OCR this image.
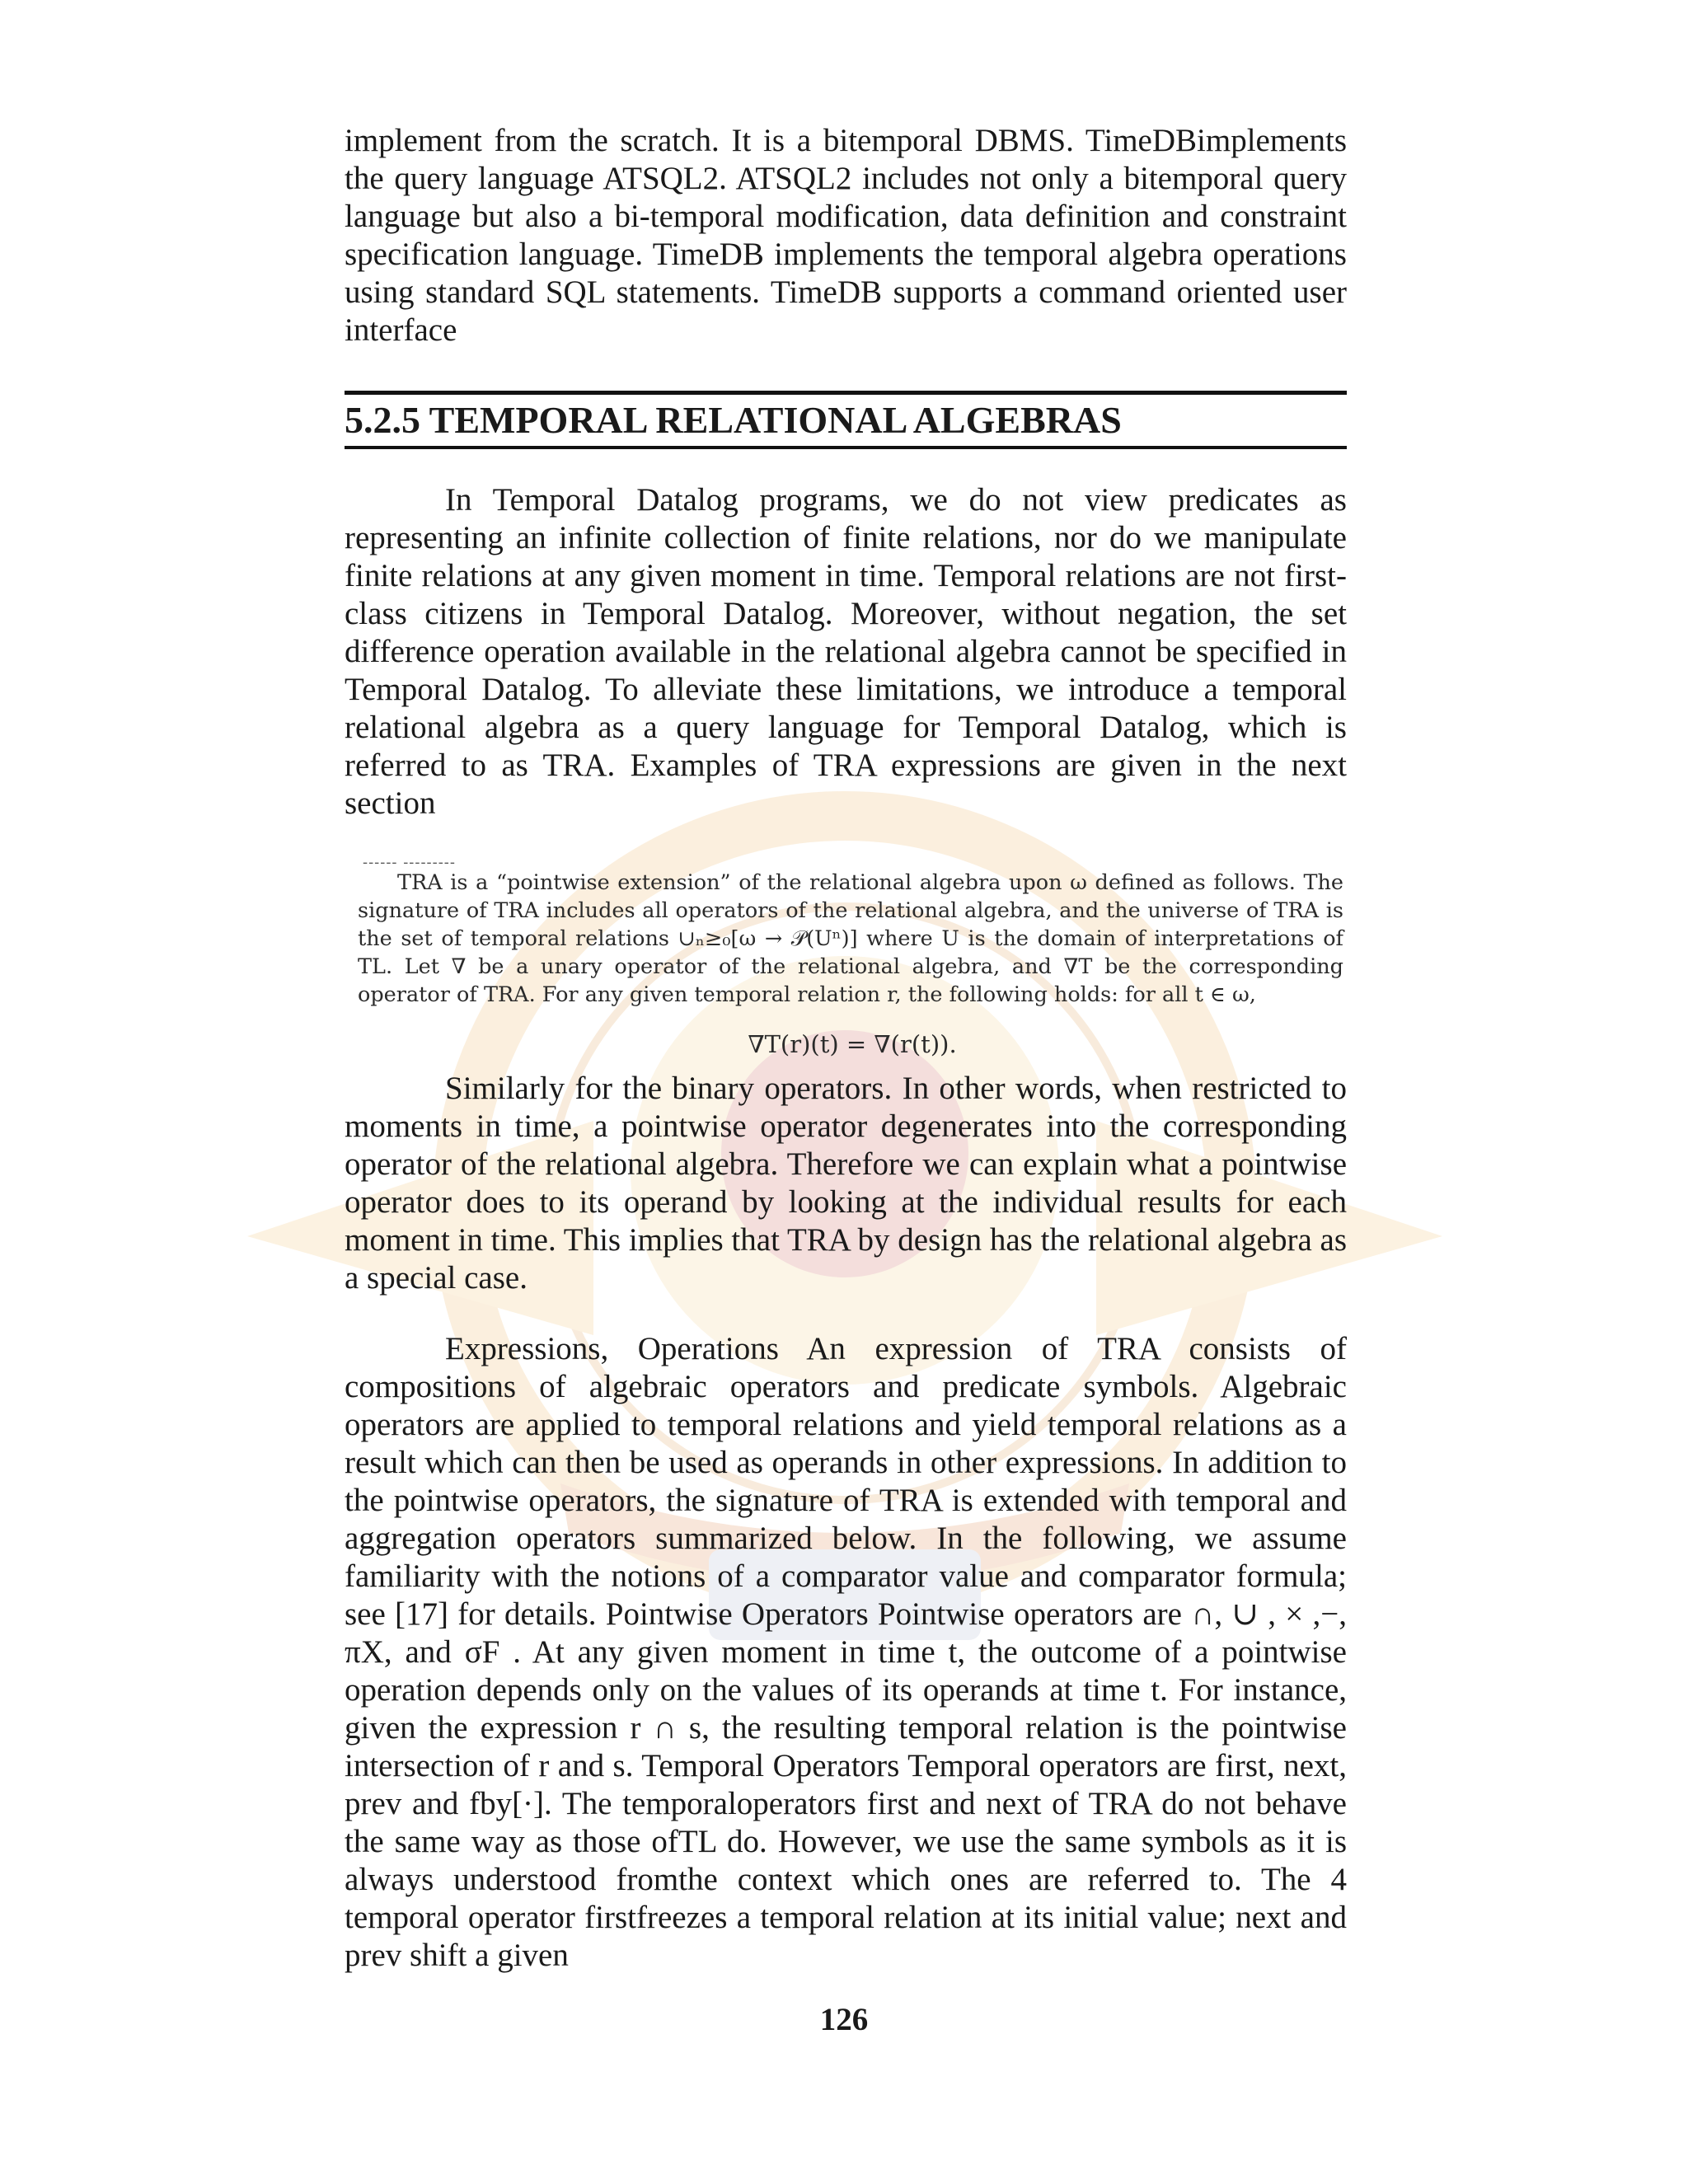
implement from the scratch. It is a bitemporal DBMS. TimeDBimplements the query language ATSQL2. ATSQL2 includes not only a bitemporal query language but also a bi-temporal modification, data definition and constraint specification language. TimeDB implements the temporal algebra operations using standard SQL statements. TimeDB supports a command oriented user interface

5.2.5 TEMPORAL RELATIONAL ALGEBRAS

In Temporal Datalog programs, we do not view predicates as representing an infinite collection of finite relations, nor do we manipulate finite relations at any given moment in time. Temporal relations are not first-class citizens in Temporal Datalog. Moreover, without negation, the set difference operation available in the relational algebra cannot be specified in Temporal Datalog. To alleviate these limitations, we introduce a temporal relational algebra as a query language for Temporal Datalog, which is referred to as TRA. Examples of TRA expressions are given in the next section

------ ---------

TRA is a “pointwise extension” of the relational algebra upon ω defined as follows. The signature of TRA includes all operators of the relational algebra, and the universe of TRA is the set of temporal relations ∪ₙ≥₀[ω → 𝒫(Uⁿ)] where U is the domain of interpretations of TL. Let ∇ be a unary operator of the relational algebra, and ∇T be the corresponding operator of TRA. For any given temporal relation r, the following holds: for all t ∈ ω,

∇T(r)(t) = ∇(r(t)).

Similarly for the binary operators. In other words, when restricted to moments in time, a pointwise operator degenerates into the corresponding operator of the relational algebra. Therefore we can explain what a pointwise operator does to its operand by looking at the individual results for each moment in time. This implies that TRA by design has the relational algebra as a special case.

Expressions, Operations An expression of TRA consists of compositions of algebraic operators and predicate symbols. Algebraic operators are applied to temporal relations and yield temporal relations as a result which can then be used as operands in other expressions. In addition to the pointwise operators, the signature of TRA is extended with temporal and aggregation operators summarized below. In the following, we assume familiarity with the notions of a comparator value and comparator formula; see [17] for details. Pointwise Operators Pointwise operators are ∩, ∪ , × ,−, πX, and σF . At any given moment in time t, the outcome of a pointwise operation depends only on the values of its operands at time t. For instance, given the expression r ∩ s, the resulting temporal relation is the pointwise intersection of r and s. Temporal Operators Temporal operators are first, next, prev and fby[·]. The temporaloperators first and next of TRA do not behave the same way as those ofTL do. However, we use the same symbols as it is always understood fromthe context which ones are referred to. The 4 temporal operator firstfreezes a temporal relation at its initial value; next and prev shift a given

126
